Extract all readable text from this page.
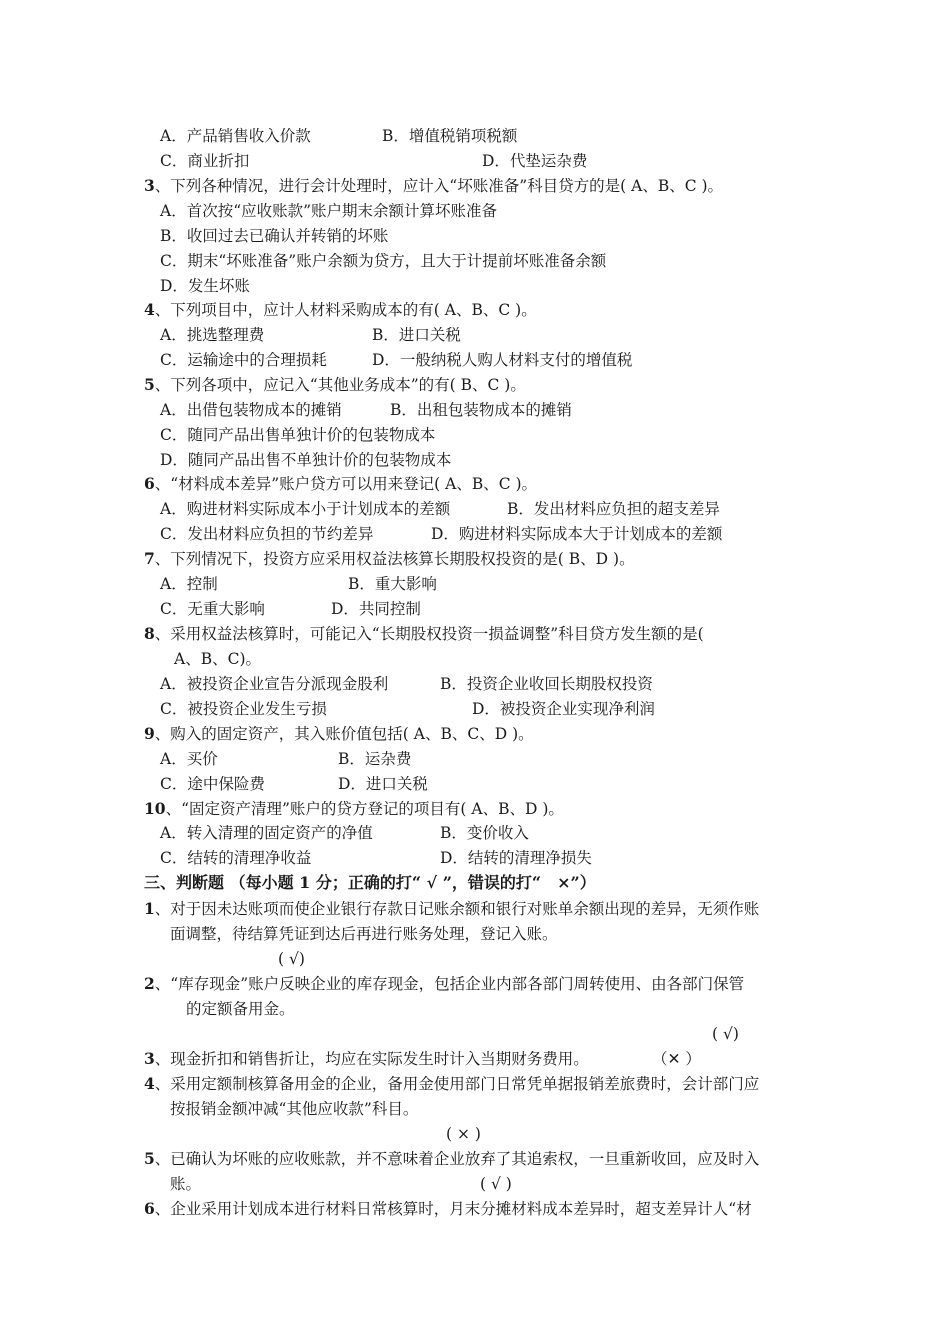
A．产品销售收入价款	B．增值税销项税额
C．商业折扣	D．代垫运杂费
3、下列各种情况，进行会计处理时，应计入“坏账准备”科目贷方的是( A、B、C )。
A．首次按“应收账款”账户期末余额计算坏账准备
B．收回过去已确认并转销的坏账
C．期末“坏账准备”账户余额为贷方，且大于计提前坏账准备余额
D．发生坏账
4、下列项目中，应计人材料采购成本的有( A、B、C )。
A．挑选整理费	B．进口关税
C．运输途中的合理损耗	D．一般纳税人购人材料支付的增值税
5、下列各项中，应记入“其他业务成本”的有( B、C )。
A．出借包装物成本的摊销	B．出租包装物成本的摊销
C．随同产品出售单独计价的包装物成本
D．随同产品出售不单独计价的包装物成本
6、“材料成本差异”账户贷方可以用来登记( A、B、C )。
A．购进材料实际成本小于计划成本的差额	B．发出材料应负担的超支差异
C．发出材料应负担的节约差异	D．购进材料实际成本大于计划成本的差额
7、下列情况下，投资方应采用权益法核算长期股权投资的是( B、D )。
A．控制	B．重大影响
C．无重大影响	D．共同控制
8、采用权益法核算时，可能记入“长期股权投资一损益调整”科目贷方发生额的是(
A、B、C)。
A．被投资企业宣告分派现金股利	B．投资企业收回长期股权投资
C．被投资企业发生亏损	D．被投资企业实现净利润
9、购入的固定资产，其入账价值包括( A、B、C、D )。
A．买价	B．运杂费
C．途中保险费	D．进口关税
10、“固定资产清理”账户的贷方登记的项目有( A、B、D )。
A．转入清理的固定资产的净值	B．变价收入
C．结转的清理净收益	D．结转的清理净损失
三、判断题 （每小题 1 分；正确的打“ √ ”，错误的打“　×”）
1、对于因未达账项而使企业银行存款日记账余额和银行对账单余额出现的差异，无须作账
面调整，待结算凭证到达后再进行账务处理，登记入账。
( √)
2、“库存现金”账户反映企业的库存现金，包括企业内部各部门周转使用、由各部门保管
的定额备用金。
( √)
3、现金折扣和销售折让，均应在实际发生时计入当期财务费用。	（✕ ）
4、采用定额制核算备用金的企业，备用金使用部门日常凭单据报销差旅费时，会计部门应
按报销金额冲减“其他应收款”科目。
( × )
5、已确认为坏账的应收账款，并不意味着企业放弃了其追索权，一旦重新收回，应及时入
账。	( √ )
6、企业采用计划成本进行材料日常核算时，月末分摊材料成本差异时，超支差异计人“材
